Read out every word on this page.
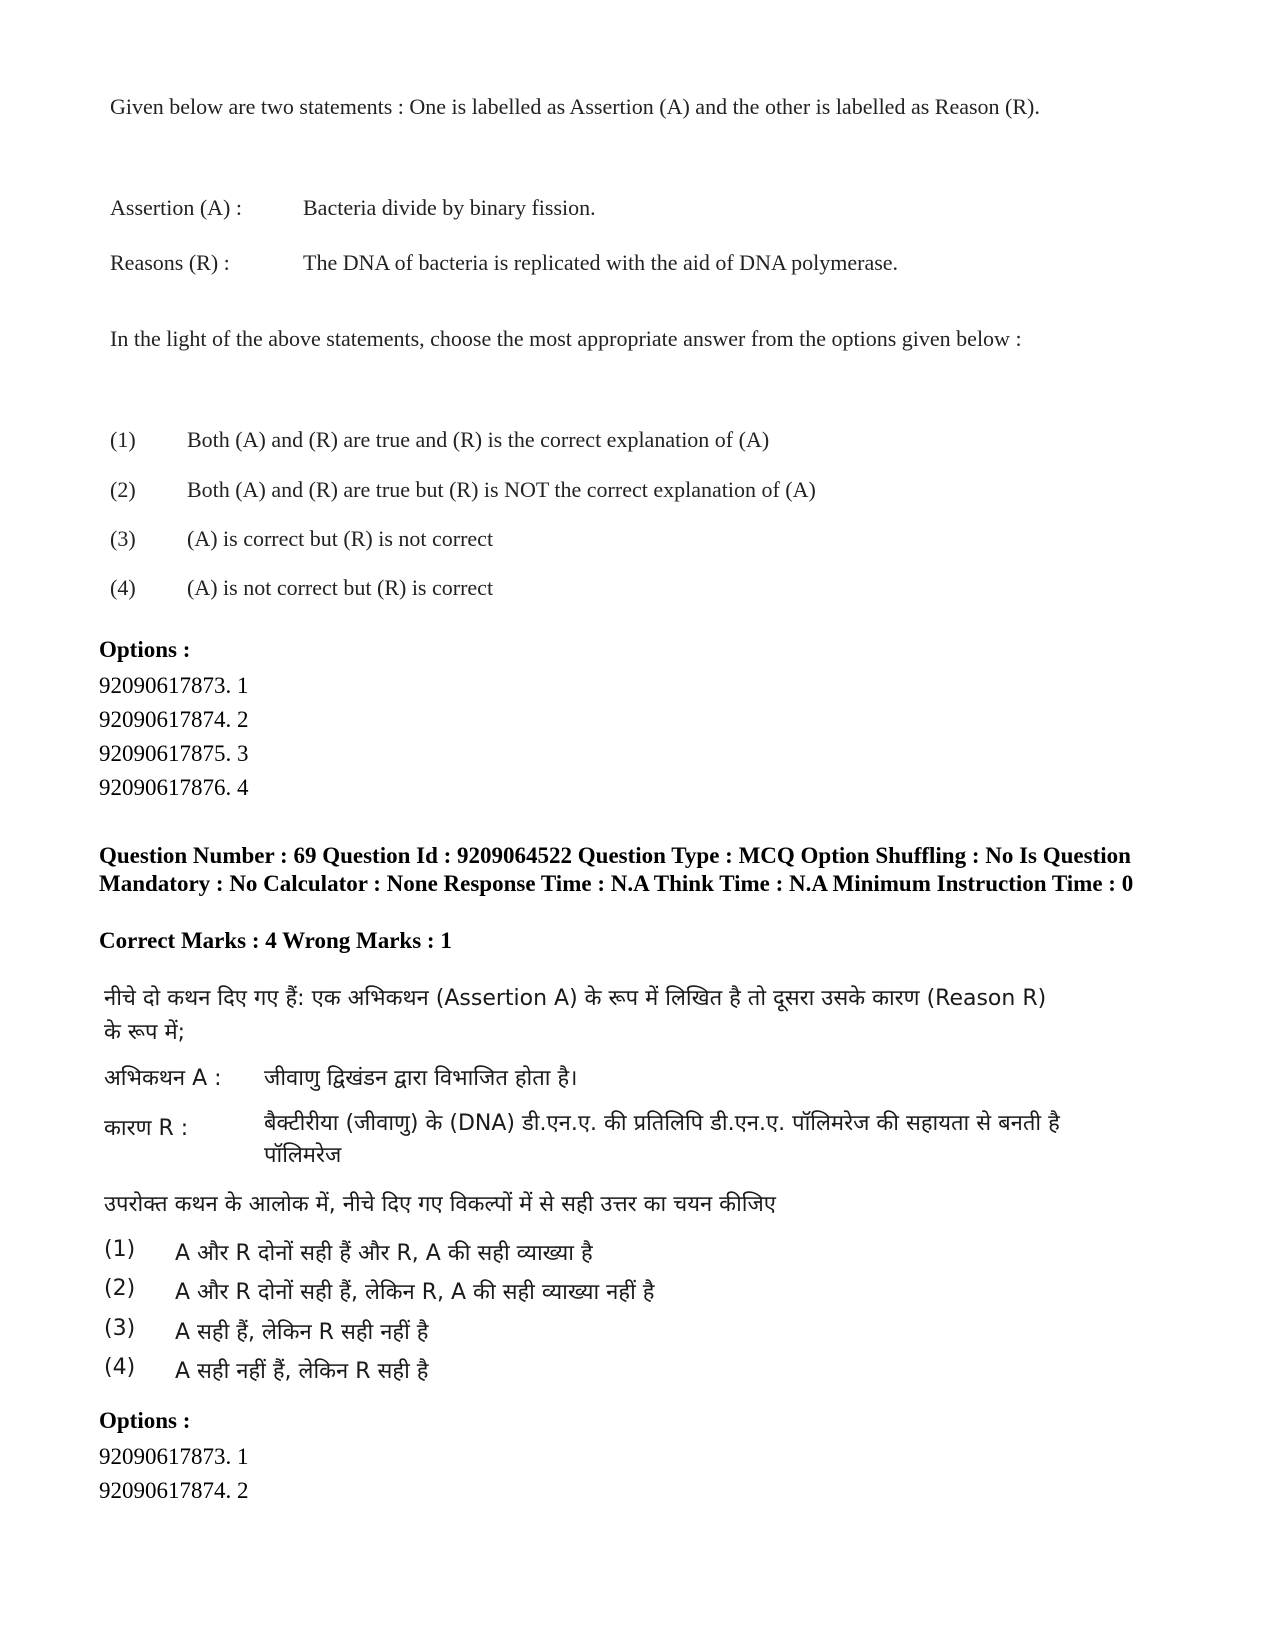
Given below are two statements : One is labelled as Assertion (A) and the other is labelled as Reason (R).
Assertion (A) :	Bacteria divide by binary fission.
Reasons (R) :	The DNA of bacteria is replicated with the aid of DNA polymerase.
In the light of the above statements, choose the most appropriate answer from the options given below :
(1) Both (A) and (R) are true and (R) is the correct explanation of (A)
(2) Both (A) and (R) are true but (R) is NOT the correct explanation of (A)
(3) (A) is correct but (R) is not correct
(4) (A) is not correct but (R) is correct
Options :
92090617873. 1
92090617874. 2
92090617875. 3
92090617876. 4
Question Number : 69 Question Id : 9209064522 Question Type : MCQ Option Shuffling : No Is Question Mandatory : No Calculator : None Response Time : N.A Think Time : N.A Minimum Instruction Time : 0
Correct Marks : 4 Wrong Marks : 1
नीचे दो कथन दिए गए हैं: एक अभिकथन (Assertion A) के रूप में लिखित है तो दूसरा उसके कारण (Reason R) के रूप में;
अभिकथन A : जीवाणु द्विखंडन द्वारा विभाजित होता है।
कारण R :	बैक्टीरीया (जीवाणु) के (DNA) डी.एन.ए. की प्रतिलिपि डी.एन.ए. पॉलिमरेज की सहायता से बनती है पॉलिमरेज
उपरोक्त कथन के आलोक में, नीचे दिए गए विकल्पों में से सही उत्तर का चयन कीजिए
(1) A और R दोनों सही हैं और R, A की सही व्याख्या है
(2) A और R दोनों सही हैं, लेकिन R, A की सही व्याख्या नहीं है
(3) A सही हैं, लेकिन R सही नहीं है
(4) A सही नहीं हैं, लेकिन R सही है
Options :
92090617873. 1
92090617874. 2
